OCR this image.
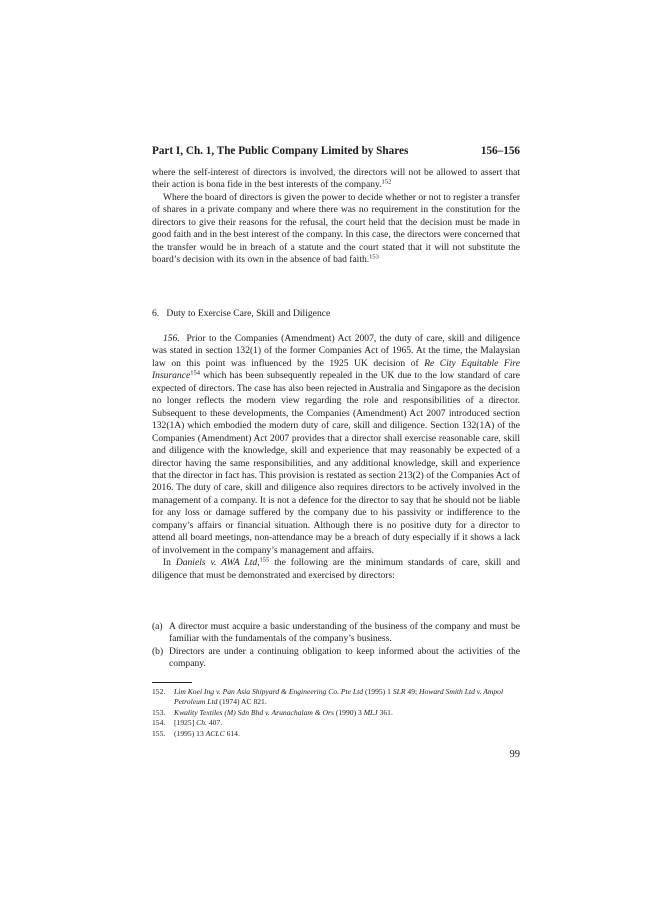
Part I, Ch. 1, The Public Company Limited by Shares	156–156

where the self-interest of directors is involved, the directors will not be allowed to assert that their action is bona fide in the best interests of the company.$^{152}$

Where the board of directors is given the power to decide whether or not to register a transfer of shares in a private company and where there was no requirement in the constitution for the directors to give their reasons for the refusal, the court held that the decision must be made in good faith and in the best interest of the company. In this case, the directors were concerned that the transfer would be in breach of a statute and the court stated that it will not substitute the board’s decision with its own in the absence of bad faith.$^{153}$

6. Duty to Exercise Care, Skill and Diligence

156. Prior to the Companies (Amendment) Act 2007, the duty of care, skill and diligence was stated in section 132(1) of the former Companies Act of 1965. At the time, the Malaysian law on this point was influenced by the 1925 UK decision of Re City Equitable Fire Insurance$^{154}$ which has been subsequently repealed in the UK due to the low standard of care expected of directors. The case has also been rejected in Australia and Singapore as the decision no longer reflects the modern view regarding the role and responsibilities of a director. Subsequent to these developments, the Companies (Amendment) Act 2007 introduced section 132(1A) which embodied the modern duty of care, skill and diligence. Section 132(1A) of the Companies (Amendment) Act 2007 provides that a director shall exercise reasonable care, skill and diligence with the knowledge, skill and experience that may reasonably be expected of a director having the same responsibilities, and any additional knowledge, skill and experience that the director in fact has. This provision is restated as section 213(2) of the Companies Act of 2016. The duty of care, skill and diligence also requires directors to be actively involved in the management of a company. It is not a defence for the director to say that he should not be liable for any loss or damage suffered by the company due to his passivity or indifference to the company’s affairs or financial situation. Although there is no positive duty for a director to attend all board meetings, non-attendance may be a breach of duty especially if it shows a lack of involvement in the company’s management and affairs.

In Daniels v. AWA Ltd,$^{155}$ the following are the minimum standards of care, skill and diligence that must be demonstrated and exercised by directors:

(a) A director must acquire a basic understanding of the business of the company and must be familiar with the fundamentals of the company’s business.
(b) Directors are under a continuing obligation to keep informed about the activities of the company.
152.	Lim Koei Ing v. Pan Asia Shipyard & Engineering Co. Pte Ltd (1995) 1 SLR 49; Howard Smith Ltd v. Ampol Petroleum Ltd (1974) AC 821.
153.	Kwality Textiles (M) Sdn Bhd v. Arunachalam & Ors (1990) 3 MLJ 361.
154.	[1925] Ch. 407.
155.	(1995) 13 ACLC 614.
99
